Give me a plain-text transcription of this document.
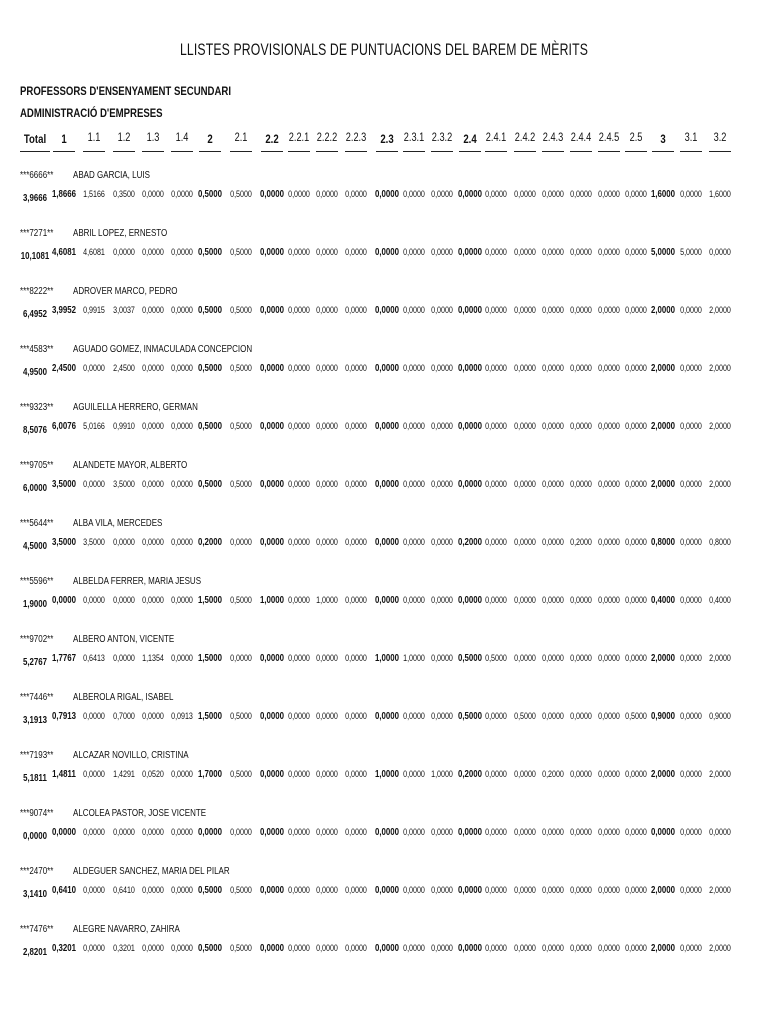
LLISTES PROVISIONALS DE PUNTUACIONS DEL BAREM DE MÈRITS
PROFESSORS D'ENSENYAMENT SECUNDARI
ADMINISTRACIÓ D'EMPRESES
Total 1 1.1 1.2 1.3 1.4 2 2.1 2.2 2.2.1 2.2.2 2.2.3 2.3 2.3.1 2.3.2 2.4 2.4.1 2.4.2 2.4.3 2.4.4 2.4.5 2.5 3 3.1 3.2
***6666** ABAD GARCIA, LUIS
3,9666 1,8666 1,5166 0,3500 0,0000 0,0000 0,5000 0,5000 0,0000 0,0000 0,0000 0,0000 0,0000 0,0000 0,0000 0,0000 0,0000 0,0000 0,0000 0,0000 0,0000 0,0000 1,6000 0,0000 1,6000
***7271** ABRIL LOPEZ, ERNESTO
10,1081 4,6081 4,6081 0,0000 0,0000 0,0000 0,5000 0,5000 0,0000 0,0000 0,0000 0,0000 0,0000 0,0000 0,0000 0,0000 0,0000 0,0000 0,0000 0,0000 0,0000 0,0000 5,0000 5,0000 0,0000
***8222** ADROVER MARCO, PEDRO
6,4952 3,9952 0,9915 3,0037 0,0000 0,0000 0,5000 0,5000 0,0000 0,0000 0,0000 0,0000 0,0000 0,0000 0,0000 0,0000 0,0000 0,0000 0,0000 0,0000 0,0000 0,0000 2,0000 0,0000 2,0000
***4583** AGUADO GOMEZ, INMACULADA CONCEPCION
4,9500 2,4500 0,0000 2,4500 0,0000 0,0000 0,5000 0,5000 0,0000 0,0000 0,0000 0,0000 0,0000 0,0000 0,0000 0,0000 0,0000 0,0000 0,0000 0,0000 0,0000 0,0000 2,0000 0,0000 2,0000
***9323** AGUILELLA HERRERO, GERMAN
8,5076 6,0076 5,0166 0,9910 0,0000 0,0000 0,5000 0,5000 0,0000 0,0000 0,0000 0,0000 0,0000 0,0000 0,0000 0,0000 0,0000 0,0000 0,0000 0,0000 0,0000 0,0000 2,0000 0,0000 2,0000
***9705** ALANDETE MAYOR, ALBERTO
6,0000 3,5000 0,0000 3,5000 0,0000 0,0000 0,5000 0,5000 0,0000 0,0000 0,0000 0,0000 0,0000 0,0000 0,0000 0,0000 0,0000 0,0000 0,0000 0,0000 0,0000 0,0000 2,0000 0,0000 2,0000
***5644** ALBA VILA, MERCEDES
4,5000 3,5000 3,5000 0,0000 0,0000 0,0000 0,2000 0,0000 0,0000 0,0000 0,0000 0,0000 0,0000 0,0000 0,0000 0,2000 0,0000 0,0000 0,0000 0,2000 0,0000 0,0000 0,8000 0,0000 0,8000
***5596** ALBELDA FERRER, MARIA JESUS
1,9000 0,0000 0,0000 0,0000 0,0000 0,0000 1,5000 0,5000 1,0000 0,0000 1,0000 0,0000 0,0000 0,0000 0,0000 0,0000 0,0000 0,0000 0,0000 0,0000 0,0000 0,0000 0,4000 0,0000 0,4000
***9702** ALBERO ANTON, VICENTE
5,2767 1,7767 0,6413 0,0000 1,1354 0,0000 1,5000 0,0000 0,0000 0,0000 0,0000 0,0000 1,0000 1,0000 0,0000 0,5000 0,5000 0,0000 0,0000 0,0000 0,0000 0,0000 2,0000 0,0000 2,0000
***7446** ALBEROLA RIGAL, ISABEL
3,1913 0,7913 0,0000 0,7000 0,0000 0,0913 1,5000 0,5000 0,0000 0,0000 0,0000 0,0000 0,0000 0,0000 0,0000 0,5000 0,0000 0,5000 0,0000 0,0000 0,0000 0,5000 0,9000 0,0000 0,9000
***7193** ALCAZAR NOVILLO, CRISTINA
5,1811 1,4811 0,0000 1,4291 0,0520 0,0000 1,7000 0,5000 0,0000 0,0000 0,0000 0,0000 1,0000 0,0000 1,0000 0,2000 0,0000 0,0000 0,2000 0,0000 0,0000 0,0000 2,0000 0,0000 2,0000
***9074** ALCOLEA PASTOR, JOSE VICENTE
0,0000 0,0000 0,0000 0,0000 0,0000 0,0000 0,0000 0,0000 0,0000 0,0000 0,0000 0,0000 0,0000 0,0000 0,0000 0,0000 0,0000 0,0000 0,0000 0,0000 0,0000 0,0000 0,0000 0,0000 0,0000
***2470** ALDEGUER SANCHEZ, MARIA DEL PILAR
3,1410 0,6410 0,0000 0,6410 0,0000 0,0000 0,5000 0,5000 0,0000 0,0000 0,0000 0,0000 0,0000 0,0000 0,0000 0,0000 0,0000 0,0000 0,0000 0,0000 0,0000 0,0000 2,0000 0,0000 2,0000
***7476** ALEGRE NAVARRO, ZAHIRA
2,8201 0,3201 0,0000 0,3201 0,0000 0,0000 0,5000 0,5000 0,0000 0,0000 0,0000 0,0000 0,0000 0,0000 0,0000 0,0000 0,0000 0,0000 0,0000 0,0000 0,0000 0,0000 2,0000 0,0000 2,0000
